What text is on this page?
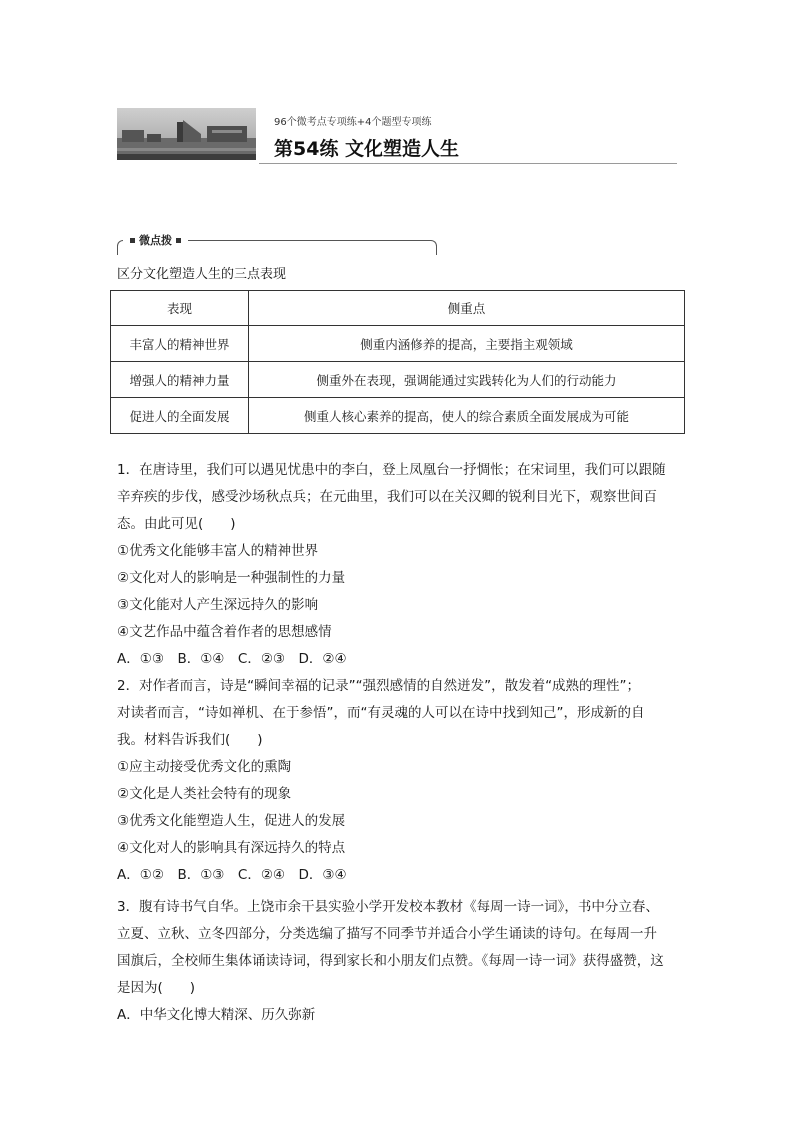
96个微考点专项练+4个题型专项练
第54练 文化塑造人生
微点拨
区分文化塑造人生的三点表现
表现	侧重点
丰富人的精神世界	侧重内涵修养的提高，主要指主观领域
增强人的精神力量	侧重外在表现，强调能通过实践转化为人们的行动能力
促进人的全面发展	侧重人核心素养的提高，使人的综合素质全面发展成为可能
1．在唐诗里，我们可以遇见忧患中的李白，登上凤凰台一抒惆怅；在宋词里，我们可以跟随
辛弃疾的步伐，感受沙场秋点兵；在元曲里，我们可以在关汉卿的锐利目光下，观察世间百
态。由此可见(　　)
①优秀文化能够丰富人的精神世界
②文化对人的影响是一种强制性的力量
③文化能对人产生深远持久的影响
④文艺作品中蕴含着作者的思想感情
A．①③　B．①④　C．②③　D．②④
2．对作者而言，诗是“瞬间幸福的记录”“强烈感情的自然迸发”，散发着“成熟的理性”；
对读者而言，“诗如禅机、在于参悟”，而“有灵魂的人可以在诗中找到知己”，形成新的自
我。材料告诉我们(　　)
①应主动接受优秀文化的熏陶
②文化是人类社会特有的现象
③优秀文化能塑造人生，促进人的发展
④文化对人的影响具有深远持久的特点
A．①②　B．①③　C．②④　D．③④
3．腹有诗书气自华。上饶市余干县实验小学开发校本教材《每周一诗一词》，书中分立春、
立夏、立秋、立冬四部分，分类选编了描写不同季节并适合小学生诵读的诗句。在每周一升
国旗后，全校师生集体诵读诗词，得到家长和小朋友们点赞。《每周一诗一词》获得盛赞，这
是因为(　　)
A．中华文化博大精深、历久弥新
